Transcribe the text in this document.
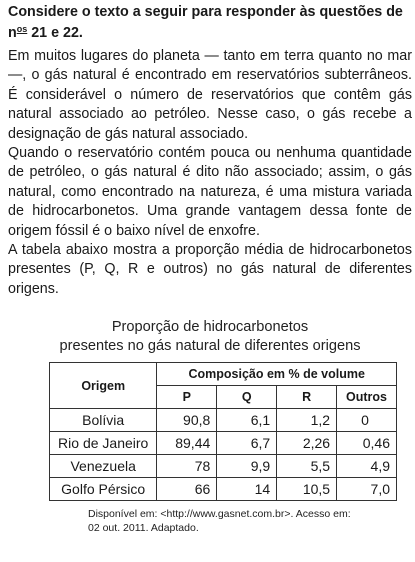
Considere o texto a seguir para responder às questões de $n^{os}$ 21 e 22.

Em muitos lugares do planeta — tanto em terra quanto no mar —, o gás natural é encontrado em reservatórios subterrâneos. É considerável o número de reservatórios que contêm gás natural associado ao petróleo. Nesse caso, o gás recebe a designação de gás natural associado.

Quando o reservatório contém pouca ou nenhuma quantidade de petróleo, o gás natural é dito não associado; assim, o gás natural, como encontrado na natureza, é uma mistura variada de hidrocarbonetos. Uma grande vantagem dessa fonte de origem fóssil é o baixo nível de enxofre.

A tabela abaixo mostra a proporção média de hidrocarbonetos presentes (P, Q, R e outros) no gás natural de diferentes origens.

Proporção de hidrocarbonetos
presentes no gás natural de diferentes origens
Origem	Composição em % de volume			
	P	Q	R	Outros
Bolívia	90,8	6,1	1,2	0
Rio de Janeiro	89,44	6,7	2,26	0,46
Venezuela	78	9,9	5,5	4,9
Golfo Pérsico	66	14	10,5	7,0
Disponível em: <http://www.gasnet.com.br>. Acesso em:
02 out. 2011. Adaptado.
